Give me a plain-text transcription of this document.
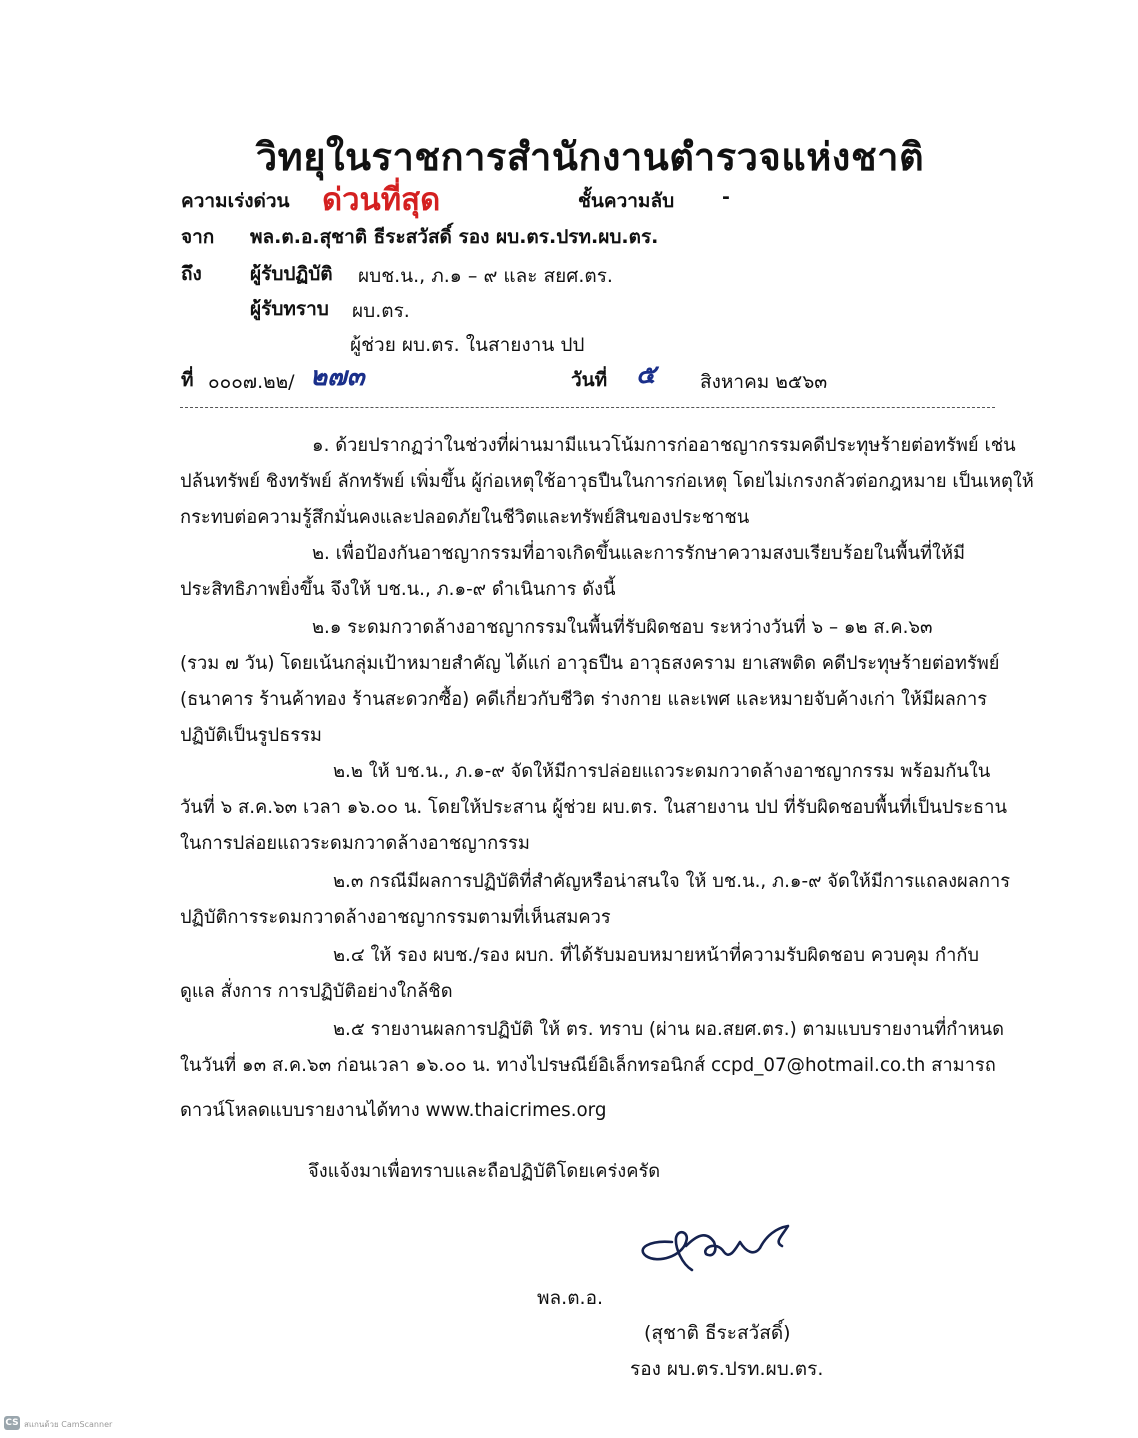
วิทยุในราชการสำนักงานตำรวจแห่งชาติ
ความเร่งด่วน ด่วนที่สุด	ชั้นความลับ	-
จาก พล.ต.อ.สุชาติ ธีระสวัสดิ์ รอง ผบ.ตร.ปรท.ผบ.ตร.
ถึง	ผู้รับปฏิบัติ ผบช.น., ภ.๑ – ๙ และ สยศ.ตร.
ผู้รับทราบ ผบ.ตร.
ผู้ช่วย ผบ.ตร. ในสายงาน ปป
ที่ ๐๐๐๗.๒๒/ ๒๗๓	วันที่ ๕ สิงหาคม ๒๕๖๓
๑. ด้วยปรากฏว่าในช่วงที่ผ่านมามีแนวโน้มการก่ออาชญากรรมคดีประทุษร้ายต่อทรัพย์ เช่น
ปล้นทรัพย์ ชิงทรัพย์ ลักทรัพย์ เพิ่มขึ้น ผู้ก่อเหตุใช้อาวุธปืนในการก่อเหตุ โดยไม่เกรงกลัวต่อกฎหมาย เป็นเหตุให้
กระทบต่อความรู้สึกมั่นคงและปลอดภัยในชีวิตและทรัพย์สินของประชาชน
๒. เพื่อป้องกันอาชญากรรมที่อาจเกิดขึ้นและการรักษาความสงบเรียบร้อยในพื้นที่ให้มี
ประสิทธิภาพยิ่งขึ้น จึงให้ บช.น., ภ.๑-๙ ดำเนินการ ดังนี้
๒.๑ ระดมกวาดล้างอาชญากรรมในพื้นที่รับผิดชอบ ระหว่างวันที่ ๖ – ๑๒ ส.ค.๖๓
(รวม ๗ วัน) โดยเน้นกลุ่มเป้าหมายสำคัญ ได้แก่ อาวุธปืน อาวุธสงคราม ยาเสพติด คดีประทุษร้ายต่อทรัพย์
(ธนาคาร ร้านค้าทอง ร้านสะดวกซื้อ) คดีเกี่ยวกับชีวิต ร่างกาย และเพศ และหมายจับค้างเก่า ให้มีผลการ
ปฏิบัติเป็นรูปธรรม
๒.๒ ให้ บช.น., ภ.๑-๙ จัดให้มีการปล่อยแถวระดมกวาดล้างอาชญากรรม พร้อมกันใน
วันที่ ๖ ส.ค.๖๓ เวลา ๑๖.๐๐ น. โดยให้ประสาน ผู้ช่วย ผบ.ตร. ในสายงาน ปป ที่รับผิดชอบพื้นที่เป็นประธาน
ในการปล่อยแถวระดมกวาดล้างอาชญากรรม
๒.๓ กรณีมีผลการปฏิบัติที่สำคัญหรือน่าสนใจ ให้ บช.น., ภ.๑-๙ จัดให้มีการแถลงผลการ
ปฏิบัติการระดมกวาดล้างอาชญากรรมตามที่เห็นสมควร
๒.๔ ให้ รอง ผบช./รอง ผบก. ที่ได้รับมอบหมายหน้าที่ความรับผิดชอบ ควบคุม กำกับ
ดูแล สั่งการ การปฏิบัติอย่างใกล้ชิด
๒.๕ รายงานผลการปฏิบัติ ให้ ตร. ทราบ (ผ่าน ผอ.สยศ.ตร.) ตามแบบรายงานที่กำหนด
ในวันที่ ๑๓ ส.ค.๖๓ ก่อนเวลา ๑๖.๐๐ น. ทางไปรษณีย์อิเล็กทรอนิกส์ ccpd_07@hotmail.co.th สามารถ
ดาวน์โหลดแบบรายงานได้ทาง www.thaicrimes.org
จึงแจ้งมาเพื่อทราบและถือปฏิบัติโดยเคร่งครัด
พล.ต.อ.
(สุชาติ ธีระสวัสดิ์)
รอง ผบ.ตร.ปรท.ผบ.ตร.
CS สแกนด้วย CamScanner
